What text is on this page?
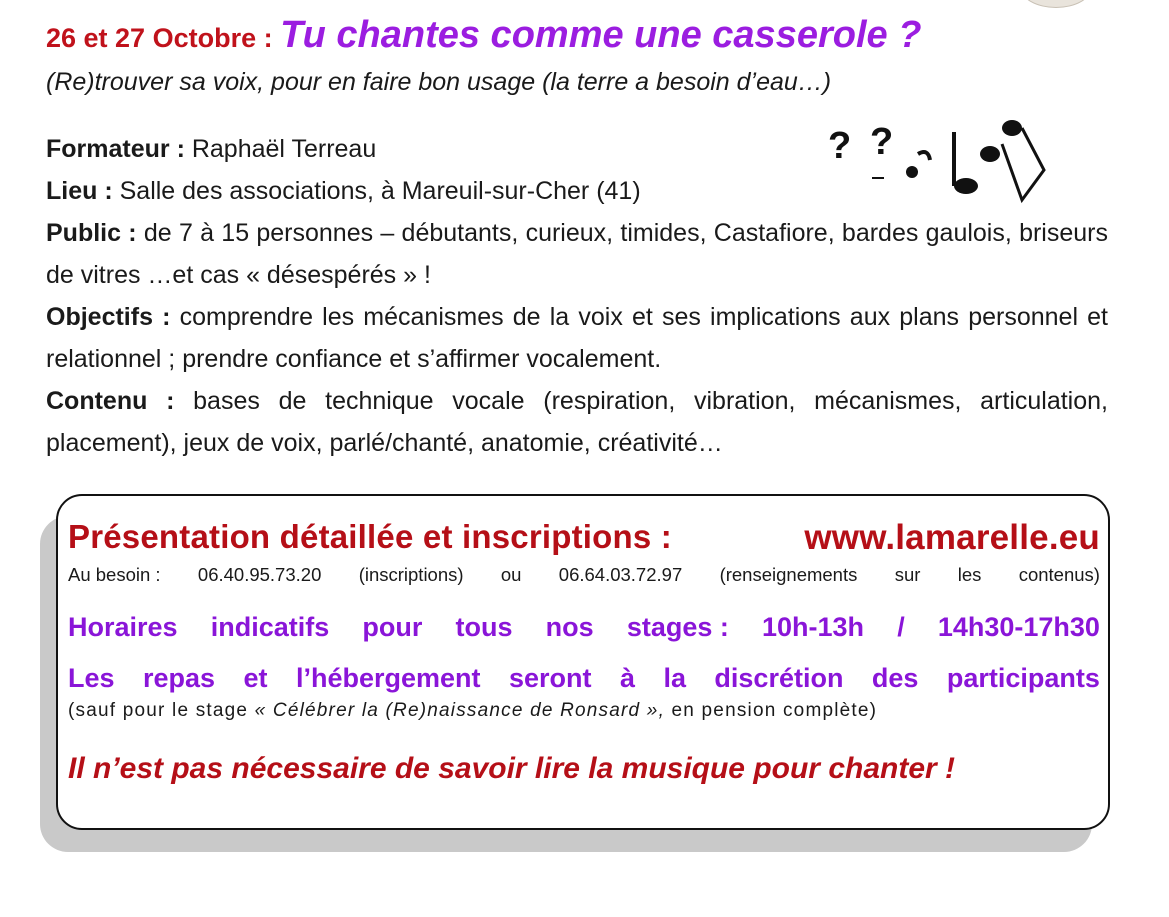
26 et 27 Octobre : Tu chantes comme une casserole ?
(Re)trouver sa voix, pour en faire bon usage (la terre a besoin d’eau…)
? ?

Formateur : Raphaël Terreau

Lieu : Salle des associations, à Mareuil-sur-Cher (41)

Public : de 7 à 15 personnes – débutants, curieux, timides, Castafiore, bardes gaulois, briseurs de vitres …et cas « désespérés » !

Objectifs : comprendre les mécanismes de la voix et ses implications aux plans personnel et relationnel ; prendre confiance et s’affirmer vocalement.

Contenu : bases de technique vocale (respiration, vibration, mécanismes, articulation, placement), jeux de voix, parlé/chanté, anatomie, créativité…

Présentation détaillée et inscriptions :	www.lamarelle.eu
Au besoin : 06.40.95.73.20 (inscriptions) ou 06.64.03.72.97 (renseignements sur les contenus)
Horaires indicatifs pour tous nos stages : 10h-13h / 14h30-17h30
Les repas et l’hébergement seront à la discrétion des participants
(sauf pour le stage « Célébrer la (Re)naissance de Ronsard », en pension complète)
Il n’est pas nécessaire de savoir lire la musique pour chanter !
